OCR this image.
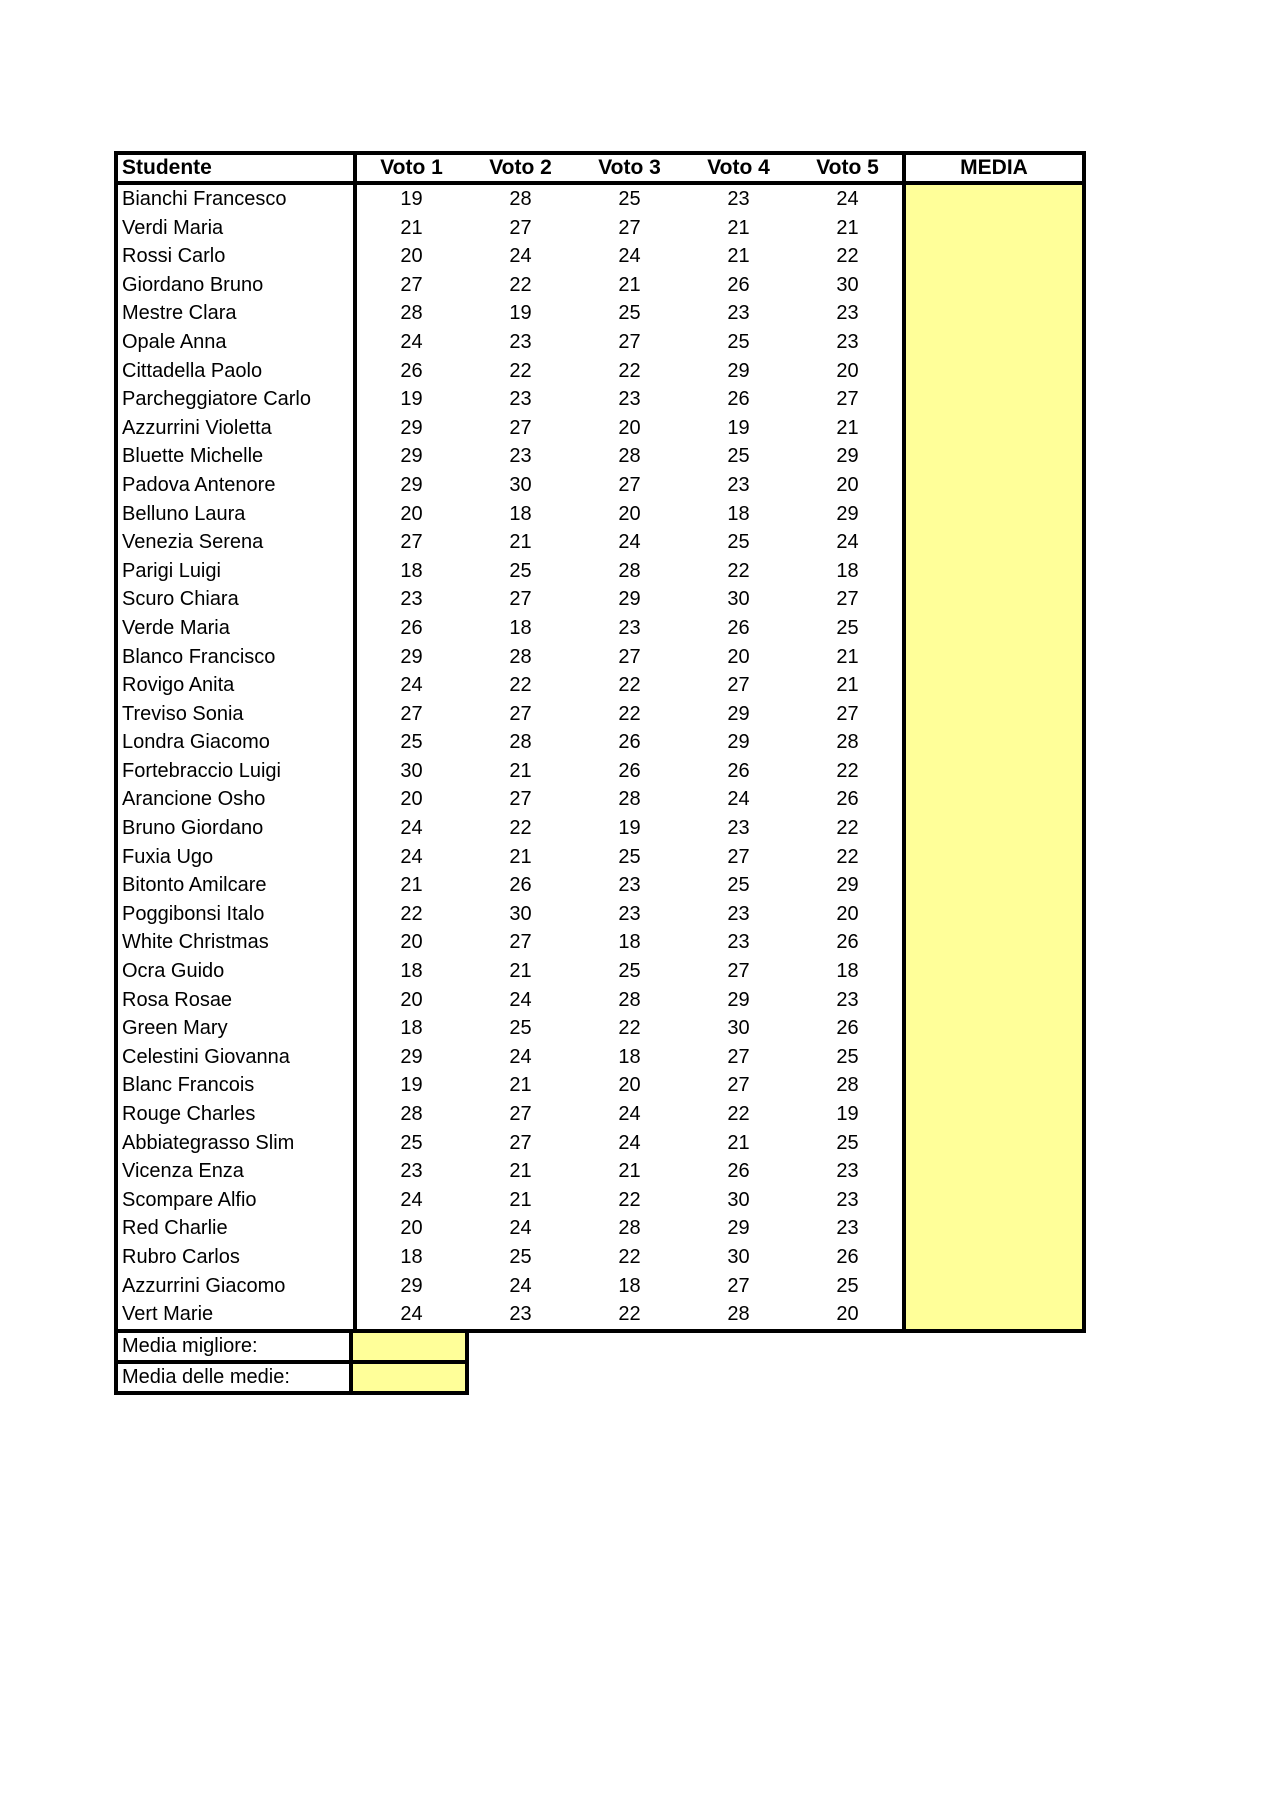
Studente	Voto 1	Voto 2	Voto 3	Voto 4	Voto 5	MEDIA
Bianchi Francesco	19	28	25	23	24
Verdi Maria	21	27	27	21	21
Rossi Carlo	20	24	24	21	22
Giordano Bruno	27	22	21	26	30
Mestre Clara	28	19	25	23	23
Opale Anna	24	23	27	25	23
Cittadella Paolo	26	22	22	29	20
Parcheggiatore Carlo	19	23	23	26	27
Azzurrini Violetta	29	27	20	19	21
Bluette Michelle	29	23	28	25	29
Padova Antenore	29	30	27	23	20
Belluno Laura	20	18	20	18	29
Venezia Serena	27	21	24	25	24
Parigi Luigi	18	25	28	22	18
Scuro Chiara	23	27	29	30	27
Verde Maria	26	18	23	26	25
Blanco Francisco	29	28	27	20	21
Rovigo Anita	24	22	22	27	21
Treviso Sonia	27	27	22	29	27
Londra Giacomo	25	28	26	29	28
Fortebraccio Luigi	30	21	26	26	22
Arancione Osho	20	27	28	24	26
Bruno Giordano	24	22	19	23	22
Fuxia Ugo	24	21	25	27	22
Bitonto Amilcare	21	26	23	25	29
Poggibonsi Italo	22	30	23	23	20
White Christmas	20	27	18	23	26
Ocra Guido	18	21	25	27	18
Rosa Rosae	20	24	28	29	23
Green Mary	18	25	22	30	26
Celestini Giovanna	29	24	18	27	25
Blanc Francois	19	21	20	27	28
Rouge Charles	28	27	24	22	19
Abbiategrasso Slim	25	27	24	21	25
Vicenza Enza	23	21	21	26	23
Scompare Alfio	24	21	22	30	23
Red Charlie	20	24	28	29	23
Rubro Carlos	18	25	22	30	26
Azzurrini Giacomo	29	24	18	27	25
Vert Marie	24	23	22	28	20
Media migliore:
Media delle medie:
